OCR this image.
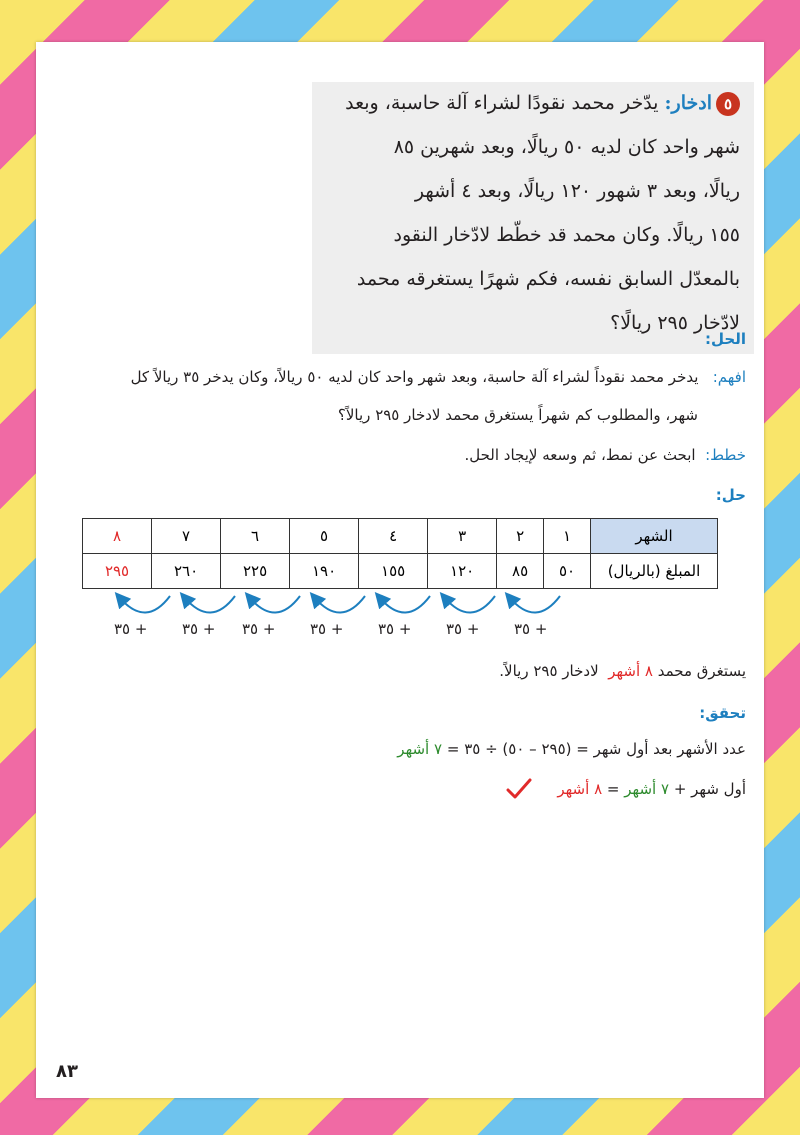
٥ادخار: يدّخر محمد نقودًا لشراء آلة حاسبة، وبعد
شهر واحد كان لديه ٥٠ ريالًا، وبعد شهرين ٨٥
ريالًا، وبعد ٣ شهور ١٢٠ ريالًا، وبعد ٤ أشهر
١٥٥ ريالًا. وكان محمد قد خطّط لادّخار النقود
بالمعدّل السابق نفسه، فكم شهرًا يستغرقه محمد
لادّخار ٢٩٥ ريالًا؟
الحل:
افهم:   يدخر محمد نقوداً لشراء آلة حاسبة، وبعد شهر واحد كان لديه ٥٠ ريالاً، وكان يدخر ٣٥ ريالاً كل
شهر، والمطلوب كم شهراً يستغرق محمد لادخار ٢٩٥ ريالاً؟
خطط:  ابحث عن نمط، ثم وسعه لإيجاد الحل.
حل:
الشهر	١	٢	٣	٤	٥	٦	٧	٨
المبلغ (بالريال)	٥٠	٨٥	١٢٠	١٥٥	١٩٠	٢٢٥	٢٦٠	٢٩٥
+ ٣٥
+ ٣٥
+ ٣٥
+ ٣٥
+ ٣٥
+ ٣٥
+ ٣٥
يستغرق محمد ٨ أشهر  لادخار ٢٩٥ ريالاً.
تحقق:
عدد الأشهر بعد أول شهر = (٢٩٥ – ٥٠) ÷ ٣٥ = ٧ أشهر
أول شهر + ٧ أشهر = ٨ أشهر
٨٣
